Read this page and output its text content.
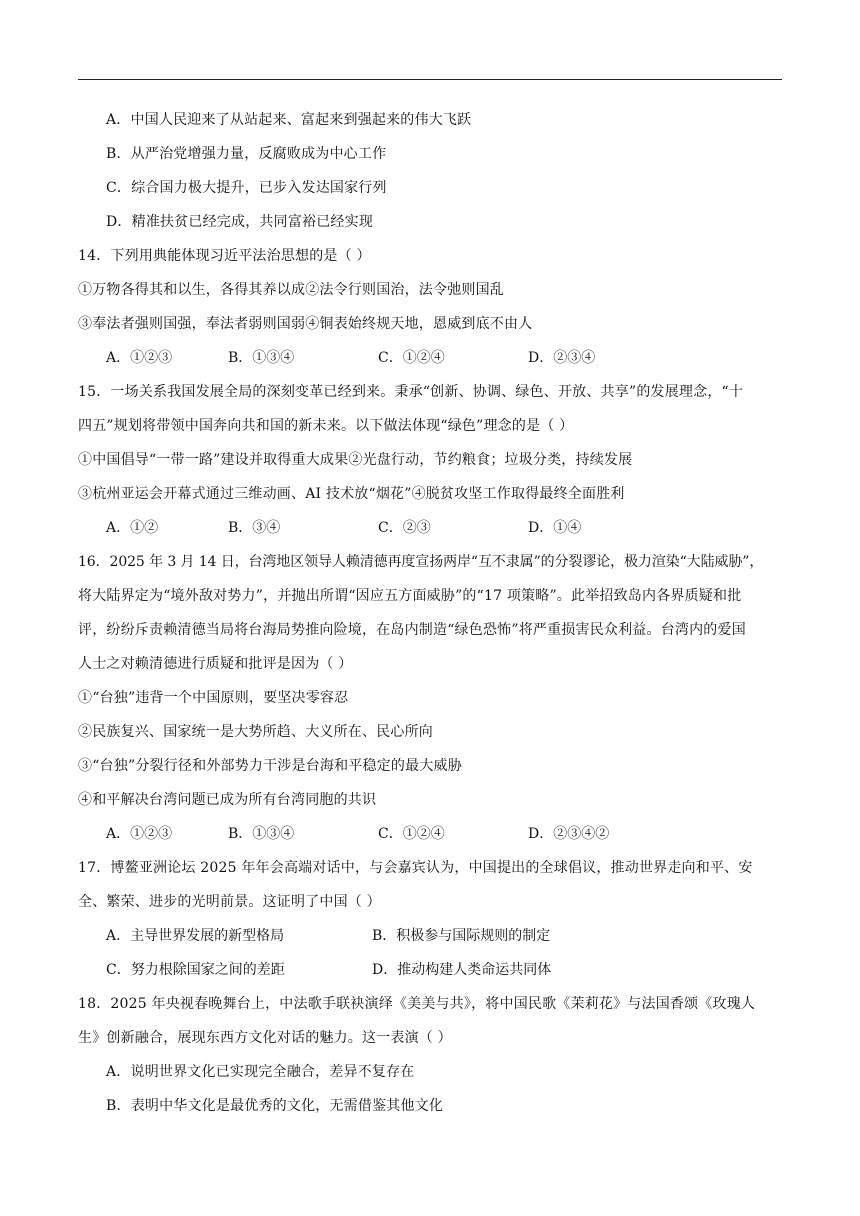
A．中国人民迎来了从站起来、富起来到强起来的伟大飞跃
B．从严治党增强力量，反腐败成为中心工作
C．综合国力极大提升，已步入发达国家行列
D．精准扶贫已经完成，共同富裕已经实现
14．下列用典能体现习近平法治思想的是（ ）
①万物各得其和以生，各得其养以成②法令行则国治，法令弛则国乱
③奉法者强则国强，奉法者弱则国弱④铜表始终规天地，恩威到底不由人
A．①②③	B．①③④	C．①②④	D．②③④
15．一场关系我国发展全局的深刻变革已经到来。秉承“创新、协调、绿色、开放、共享”的发展理念，“十
四五”规划将带领中国奔向共和国的新未来。以下做法体现“绿色”理念的是（ ）
①中国倡导“一带一路”建设并取得重大成果②光盘行动，节约粮食；垃圾分类，持续发展
③杭州亚运会开幕式通过三维动画、AI 技术放“烟花”④脱贫攻坚工作取得最终全面胜利
A．①②	B．③④	C．②③	D．①④
16．2025 年 3 月 14 日，台湾地区领导人赖清德再度宣扬两岸“互不隶属”的分裂谬论，极力渲染“大陆威胁”，
将大陆界定为“境外敌对势力”，并抛出所谓“因应五方面威胁”的“17 项策略”。此举招致岛内各界质疑和批
评，纷纷斥责赖清德当局将台海局势推向险境，在岛内制造“绿色恐怖”将严重损害民众利益。台湾内的爱国
人士之对赖清德进行质疑和批评是因为（ ）
①“台独”违背一个中国原则，要坚决零容忍
②民族复兴、国家统一是大势所趋、大义所在、民心所向
③“台独”分裂行径和外部势力干涉是台海和平稳定的最大威胁
④和平解决台湾问题已成为所有台湾同胞的共识
A．①②③	B．①③④	C．①②④	D．②③④②
17．博鳌亚洲论坛 2025 年年会高端对话中，与会嘉宾认为，中国提出的全球倡议，推动世界走向和平、安
全、繁荣、进步的光明前景。这证明了中国（ ）
A．主导世界发展的新型格局	B．积极参与国际规则的制定
C．努力根除国家之间的差距	D．推动构建人类命运共同体
18．2025 年央视春晚舞台上，中法歌手联袂演绎《美美与共》，将中国民歌《茉莉花》与法国香颂《玫瑰人
生》创新融合，展现东西方文化对话的魅力。这一表演（ ）
A．说明世界文化已实现完全融合，差异不复存在
B．表明中华文化是最优秀的文化，无需借鉴其他文化
